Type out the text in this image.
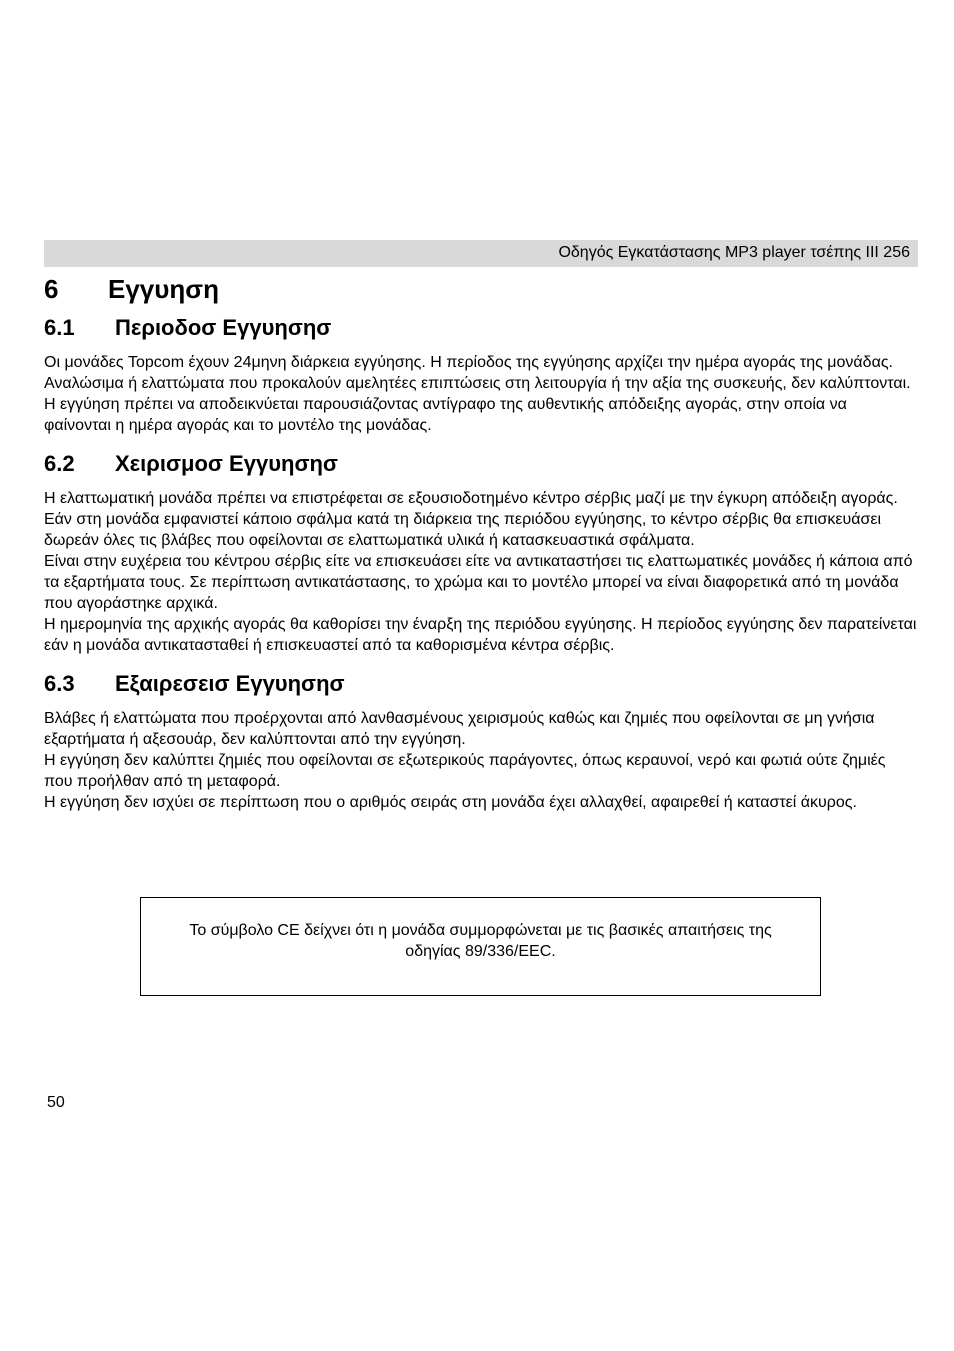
Οδηγός Εγκατάστασης MP3 player τσέπης III 256
6	Εγγυηση
6.1	Περιοδοσ Εγγυησησ

Οι μονάδες Topcom έχουν 24μηνη διάρκεια εγγύησης. Η περίοδος της εγγύησης αρχίζει την ημέρα αγοράς της μονάδας. Αναλώσιμα ή ελαττώματα που προκαλούν αμελητέες επιπτώσεις στη λειτουργία ή την αξία της συσκευής, δεν καλύπτονται.

Η εγγύηση πρέπει να αποδεικνύεται παρουσιάζοντας αντίγραφο της αυθεντικής απόδειξης αγοράς, στην οποία να φαίνονται η ημέρα αγοράς και το μοντέλο της μονάδας.

6.2	Χειρισμοσ Εγγυησησ

Η ελαττωματική μονάδα πρέπει να επιστρέφεται σε εξουσιοδοτημένο κέντρο σέρβις μαζί με την έγκυρη απόδειξη αγοράς. Εάν στη μονάδα εμφανιστεί κάποιο σφάλμα κατά τη διάρκεια της περιόδου εγγύησης, το κέντρο σέρβις θα επισκευάσει δωρεάν όλες τις βλάβες που οφείλονται σε ελαττωματικά υλικά ή κατασκευαστικά σφάλματα.

Είναι στην ευχέρεια του κέντρου σέρβις είτε να επισκευάσει είτε να αντικαταστήσει τις ελαττωματικές μονάδες ή κάποια από τα εξαρτήματα τους. Σε περίπτωση αντικατάστασης, το χρώμα και το μοντέλο μπορεί να είναι διαφορετικά από τη μονάδα που αγοράστηκε αρχικά.

Η ημερομηνία της αρχικής αγοράς θα καθορίσει την έναρξη της περιόδου εγγύησης. Η περίοδος εγγύησης δεν παρατείνεται εάν η μονάδα αντικατασταθεί ή επισκευαστεί από τα καθορισμένα κέντρα σέρβις.

6.3	Εξαιρεσεισ Εγγυησησ

Βλάβες ή ελαττώματα που προέρχονται από λανθασμένους χειρισμούς καθώς και ζημιές που οφείλονται σε μη γνήσια εξαρτήματα ή αξεσουάρ, δεν καλύπτονται από την εγγύηση.

Η εγγύηση δεν καλύπτει ζημιές που οφείλονται σε εξωτερικούς παράγοντες, όπως κεραυνοί, νερό και φωτιά ούτε ζημιές που προήλθαν από τη μεταφορά.

Η εγγύηση δεν ισχύει σε περίπτωση που ο αριθμός σειράς στη μονάδα έχει αλλαχθεί, αφαιρεθεί ή καταστεί άκυρος.

Το σύμβολο CE δείχνει ότι η μονάδα συμμορφώνεται με τις βασικές απαιτήσεις της οδηγίας 89/336/EEC.

50
